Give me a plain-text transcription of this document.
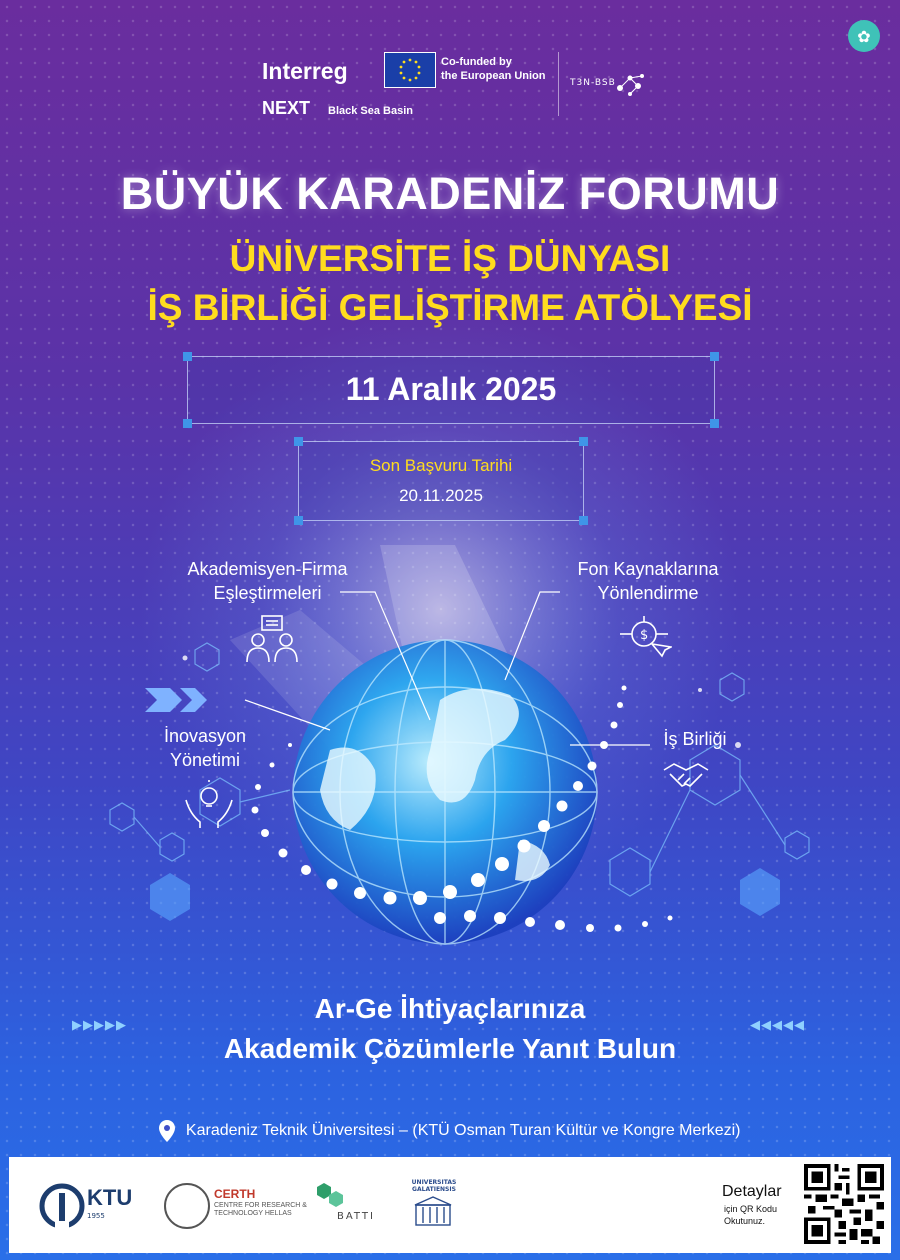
✿
Interreg
NEXT Black Sea Basin
Co-funded by
the European Union
T3N-BSB
BÜYÜK KARADENİZ FORUMU
ÜNİVERSİTE İŞ DÜNYASI
İŞ BİRLİĞİ GELİŞTİRME ATÖLYESİ
11 Aralık 2025
Son Başvuru Tarihi
20.11.2025
Akademisyen-Firma
Eşleştirmeleri
Fon Kaynaklarına
Yönlendirme
$
İnovasyon
Yönetimi
İş Birliği
▶▶▶▶▶	◀◀◀◀◀
Ar-Ge İhtiyaçlarınıza
Akademik Çözümlerle Yanıt Bulun
Karadeniz Teknik Üniversitesi – (KTÜ Osman Turan Kültür ve Kongre Merkezi)
KTU
1955
CERTH
CENTRE FOR RESEARCH & TECHNOLOGY HELLAS	BATTI
UNIVERSITAS GALATIENSIS	Detaylar
için QR Kodu Okutunuz.
